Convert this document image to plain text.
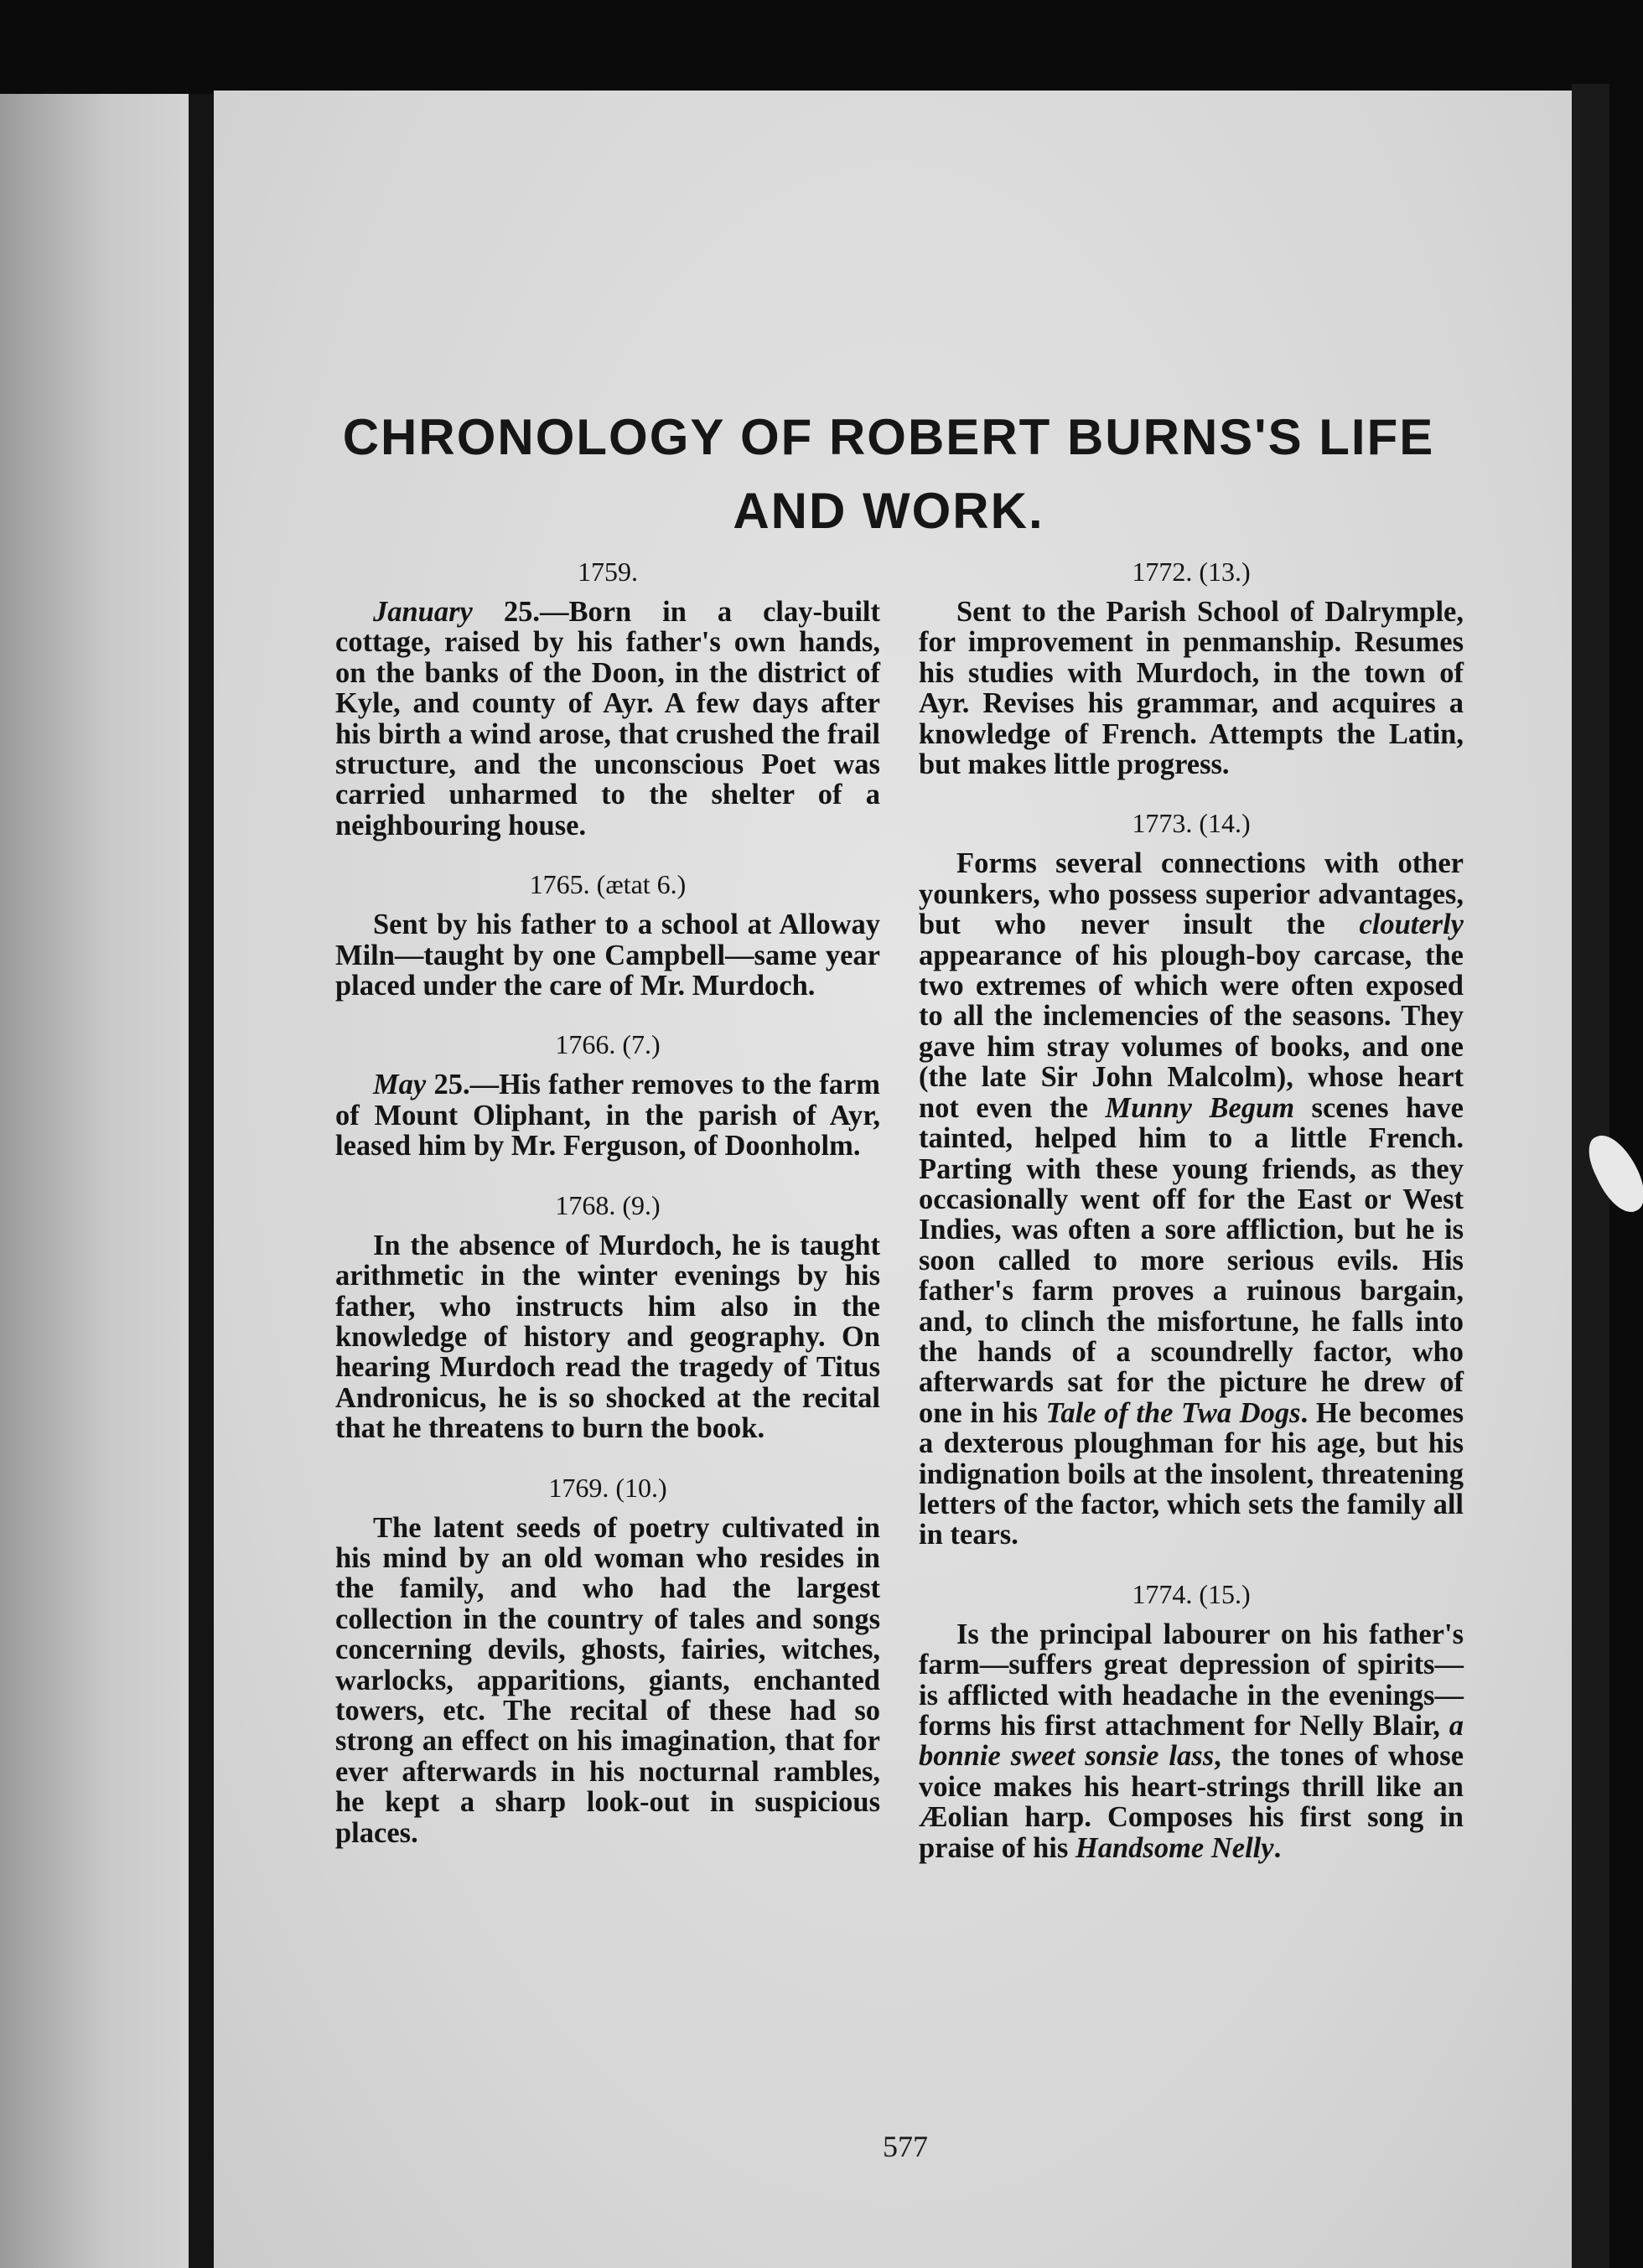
CHRONOLOGY OF ROBERT BURNS'S LIFE AND WORK.
1759.

January 25.—Born in a clay-built cottage, raised by his father's own hands, on the banks of the Doon, in the district of Kyle, and county of Ayr. A few days after his birth a wind arose, that crushed the frail structure, and the unconscious Poet was carried unharmed to the shelter of a neighbouring house.

1765. (ætat 6.)

Sent by his father to a school at Alloway Miln—taught by one Campbell—same year placed under the care of Mr. Murdoch.

1766. (7.)

May 25.—His father removes to the farm of Mount Oliphant, in the parish of Ayr, leased him by Mr. Ferguson, of Doonholm.

1768. (9.)

In the absence of Murdoch, he is taught arithmetic in the winter evenings by his father, who instructs him also in the knowledge of history and geography. On hearing Murdoch read the tragedy of Titus Andronicus, he is so shocked at the recital that he threatens to burn the book.

1769. (10.)

The latent seeds of poetry cultivated in his mind by an old woman who resides in the family, and who had the largest collection in the country of tales and songs concerning devils, ghosts, fairies, witches, warlocks, apparitions, giants, enchanted towers, etc. The recital of these had so strong an effect on his imagination, that for ever afterwards in his nocturnal rambles, he kept a sharp look-out in suspicious places.

1772. (13.)

Sent to the Parish School of Dalrymple, for improvement in penmanship. Resumes his studies with Murdoch, in the town of Ayr. Revises his grammar, and acquires a knowledge of French. Attempts the Latin, but makes little progress.

1773. (14.)

Forms several connections with other younkers, who possess superior advantages, but who never insult the clouterly appearance of his plough-boy carcase, the two extremes of which were often exposed to all the inclemencies of the seasons. They gave him stray volumes of books, and one (the late Sir John Malcolm), whose heart not even the Munny Begum scenes have tainted, helped him to a little French. Parting with these young friends, as they occasionally went off for the East or West Indies, was often a sore affliction, but he is soon called to more serious evils. His father's farm proves a ruinous bargain, and, to clinch the misfortune, he falls into the hands of a scoundrelly factor, who afterwards sat for the picture he drew of one in his Tale of the Twa Dogs. He becomes a dexterous ploughman for his age, but his indignation boils at the insolent, threatening letters of the factor, which sets the family all in tears.

1774. (15.)

Is the principal labourer on his father's farm—suffers great depression of spirits—is afflicted with headache in the evenings—forms his first attachment for Nelly Blair, a bonnie sweet sonsie lass, the tones of whose voice makes his heart-strings thrill like an Æolian harp. Composes his first song in praise of his Handsome Nelly.

577
